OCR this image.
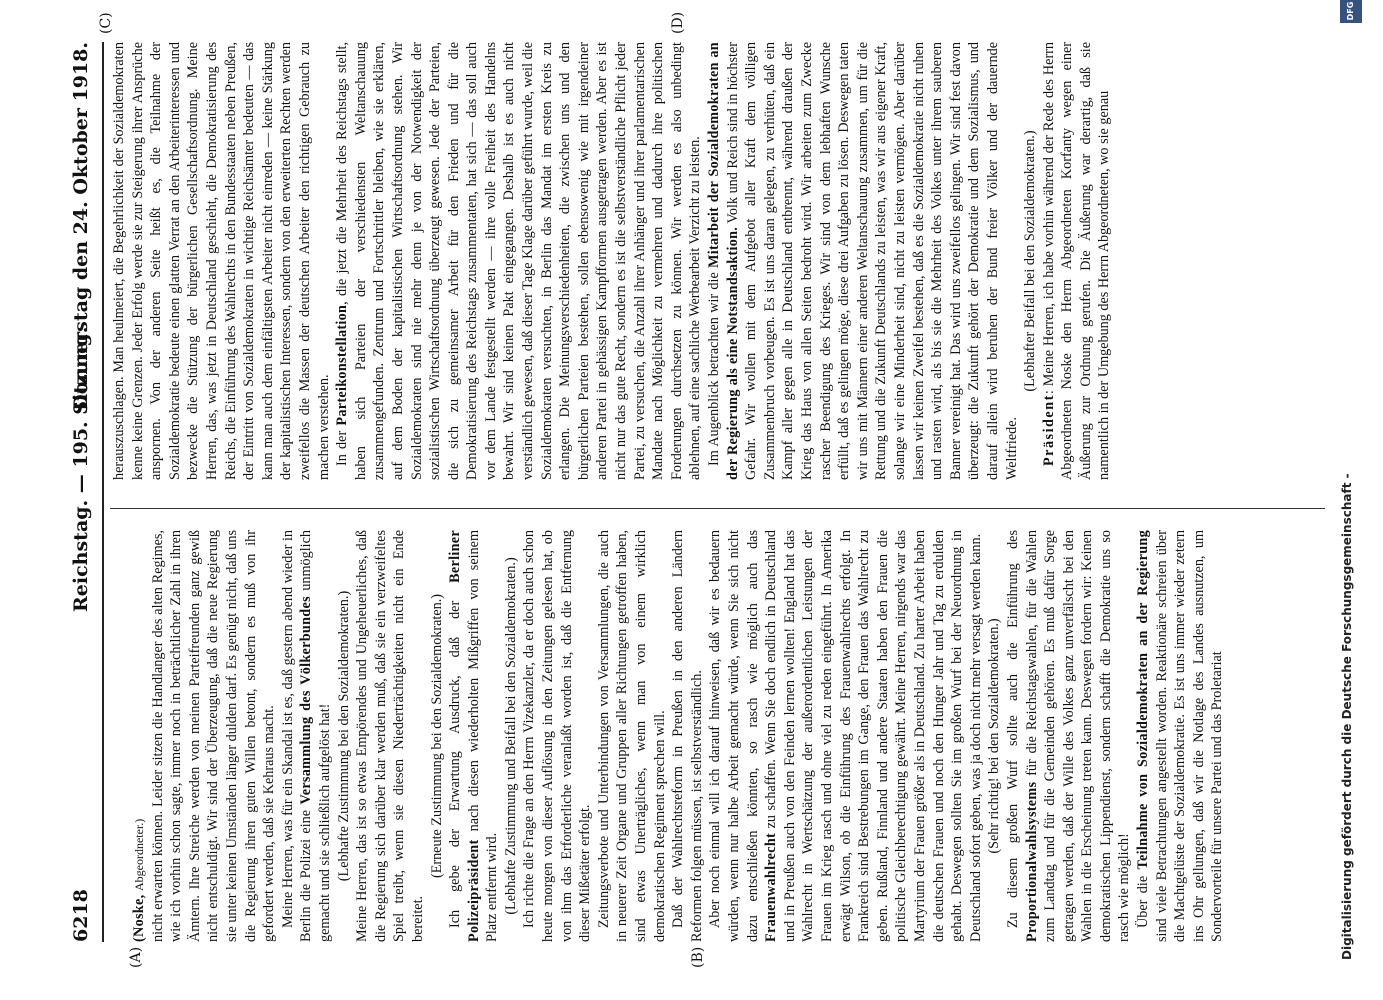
6218
Reichstag. — 195. Sitzung.
Donnerstag den 24. Oktober 1918.
(A)	(B)
(C)	(D)

(Noske, Abgeordneter.) nicht erwarten können. Leider sitzen die Handlanger des alten Regimes, wie ich vorhin schon sagte, immer noch in beträchtlicher Zahl in ihren Ämtern. Ihre Streiche werden von meinen Parteifreunden ganz gewiß nicht entschuldigt. Wir sind der Überzeugung, daß die neue Regierung sie unter keinen Umständen länger dulden darf. Es genügt nicht, daß uns die Regierung ihren guten Willen betont, sondern es muß von ihr gefordert werden, daß sie Kehraus macht. Meine Herren, was für ein Skandal ist es, daß gestern abend wieder in Berlin die Polizei eine Versammlung des Völkerbundes unmöglich gemacht und sie schließlich aufgelöst hat! (Lebhafte Zustimmung bei den Sozialdemokraten.) Meine Herren, das ist so etwas Empörendes und Ungeheuerliches, daß die Regierung sich darüber klar werden muß, daß sie ein verzweifeltes Spiel treibt, wenn sie diesen Niederträchtigkeiten nicht ein Ende bereitet.

(Erneute Zustimmung bei den Sozialdemokraten.) Ich gebe der Erwartung Ausdruck, daß der Berliner Polizeipräsident nach diesen wiederholten Mißgriffen von seinem Platz entfernt wird. (Lebhafte Zustimmung und Beifall bei den Sozialdemokraten.) Ich richte die Frage an den Herrn Vizekanzler, da er doch auch schon heute morgen von dieser Auflösung in den Zeitungen gelesen hat, ob von ihm das Erforderliche veranlaßt worden ist, daß die Entfernung dieser Mißetäter erfolgt. Zeitungsverbote und Unterbindungen von Versammlungen, die auch in neuerer Zeit Organe und Gruppen aller Richtungen getroffen haben, sind etwas Unerträgliches, wenn man von einem wirklich demokratischen Regiment sprechen will. Daß der Wahlrechtsreform in Preußen in den anderen Ländern Reformen folgen müssen, ist selbstverständlich. Aber noch einmal will ich darauf hinweisen, daß wir es bedauern würden, wenn nur halbe Arbeit gemacht würde, wenn Sie sich nicht dazu entschließen könnten, so rasch wie möglich auch das Frauenwahlrecht zu schaffen. Wenn Sie doch endlich in Deutschland und in Preußen auch von den Feinden lernen wollten! England hat das Wahlrecht in Wertschätzung der außerordentlichen Leistungen der Frauen im Krieg rasch und ohne viel zu reden eingeführt. In Amerika erwägt Wilson, ob die Einführung des Frauenwahlrechts erfolgt. In Frankreich sind Bestrebungen im Gange, den Frauen das Wahlrecht zu geben. Rußland, Finnland und andere Staaten haben den Frauen die politische Gleichberechtigung gewährt. Meine Herren, nirgends war das Martyrium der Frauen größer als in Deutschland. Zu harter Arbeit haben die deutschen Frauen und noch den Hunger Jahr und Tag zu erdulden gehabt. Deswegen sollten Sie im großen Wurf bei der Neuordnung in Deutschland sofort geben, was ja doch nicht mehr versagt werden kann. (Sehr richtig! bei den Sozialdemokraten.) Zu diesem großen Wurf sollte auch die Einführung des Proportionalwahlsystems für die Reichstagswahlen, für die Wahlen zum Landtag und für die Gemeinden gehören. Es muß dafür Sorge getragen werden, daß der Wille des Volkes ganz unverfälscht bei den Wahlen in die Erscheinung treten kann. Deswegen fordern wir: Keinen demokratischen Lippendienst, sondern schafft die Demokratie uns so rasch wie möglich! Über die Teilnahme von Sozialdemokraten an der Regierung sind viele Betrachtungen angestellt worden. Reaktionäre schreien über die Machtgelüste der Sozialdemokratie. Es ist uns immer wieder zetern ins Ohr gellungen, daß wir die Notlage des Landes ausnutzen, um Sondervorteile für unsere Partei und das Proletariat

herauszuschlagen. Man heulmeiert, die Begehrlichkeit der Sozialdemokraten kenne keine Grenzen. Jeder Erfolg werde sie zur Steigerung ihrer Ansprüche anspornen. Von der anderen Seite heißt es, die Teilnahme der Sozialdemokratie bedeute einen glatten Verrat an den Arbeiterinteressen und bezwecke die Stützung der bürgerlichen Gesellschaftsordnung. Meine Herren, das, was jetzt in Deutschland geschieht, die Demokratisierung des Reichs, die Einführung des Wahlrechts in den Bundesstaaten neben Preußen, der Eintritt von Sozialdemokraten in wichtige Reichsämter bedeuten — das kann man auch dem einfältigsten Arbeiter nicht einreden — keine Stärkung der kapitalistischen Interessen, sondern von den erweiterten Rechten werden zweifellos die Massen der deutschen Arbeiter den richtigen Gebrauch zu machen verstehen. In der Parteikonstellation, die jetzt die Mehrheit des Reichstags stellt, haben sich Parteien der verschiedensten Weltanschauung zusammengefunden. Zentrum und Fortschrittler bleiben, wie sie erklären, auf dem Boden der kapitalistischen Wirtschaftsordnung stehen. Wir Sozialdemokraten sind nie mehr denn je von der Notwendigkeit der sozialistischen Wirtschaftsordnung überzeugt gewesen. Jede der Parteien, die sich zu gemeinsamer Arbeit für den Frieden und für die Demokratisierung des Reichstags zusammentaten, hat sich — das soll auch vor dem Lande festgestellt werden — ihre volle Freiheit des Handelns bewahrt. Wir sind keinen Pakt eingegangen. Deshalb ist es auch nicht verständlich gewesen, daß dieser Tage Klage darüber geführt wurde, weil die Sozialdemokraten versuchten, in Berlin das Mandat im ersten Kreis zu erlangen. Die Meinungsverschiedenheiten, die zwischen uns und den bürgerlichen Parteien bestehen, sollen ebensowenig wie mit irgendeiner anderen Partei in gehässigen Kampfformen ausgetragen werden. Aber es ist nicht nur das gute Recht, sondern es ist die selbstverständliche Pflicht jeder Partei, zu versuchen, die Anzahl ihrer Anhänger und ihrer parlamentarischen Mandate nach Möglichkeit zu vermehren und dadurch ihre politischen Forderungen durchsetzen zu können. Wir werden es also unbedingt ablehnen, auf eine sachliche Werbearbeit Verzicht zu leisten. Im Augenblick betrachten wir die Mitarbeit der Sozialdemokraten an der Regierung als eine Notstandsaktion. Volk und Reich sind in höchster Gefahr. Wir wollen mit dem Aufgebot aller Kraft dem völligen Zusammenbruch vorbeugen. Es ist uns daran gelegen, zu verhüten, daß ein Kampf aller gegen alle in Deutschland entbrennt, während draußen der Krieg das Haus von allen Seiten bedroht wird. Wir arbeiten zum Zwecke rascher Beendigung des Krieges. Wir sind von dem lebhaften Wunsche erfüllt, daß es gelingen möge, diese drei Aufgaben zu lösen. Deswegen taten wir uns mit Männern einer anderen Weltanschauung zusammen, um für die Rettung und die Zukunft Deutschlands zu leisten, was wir aus eigener Kraft, solange wir eine Minderheit sind, nicht zu leisten vermögen. Aber darüber lassen wir keinen Zweifel bestehen, daß es die Sozialdemokratie nicht ruhen und rasten wird, als bis sie die Mehrheit des Volkes unter ihrem sauberen Banner vereinigt hat. Das wird uns zweifellos gelingen. Wir sind fest davon überzeugt: die Zukunft gehört der Demokratie und dem Sozialismus, und darauf allein wird beruhen der Bund freier Völker und der dauernde Weltfriede.

(Lebhafter Beifall bei den Sozialdemokraten.)

Präsident: Meine Herren, ich habe vorhin während der Rede des Herrn Abgeordneten Noske den Herrn Abgeordneten Korfanty wegen einer Äußerung zur Ordnung gerufen. Die Äußerung war derartig, daß sie namentlich in der Umgebung des Herrn Abgeordneten, wo sie genau

Digitalisierung gefördert durch die Deutsche Forschungsgemeinschaft -
DFG
